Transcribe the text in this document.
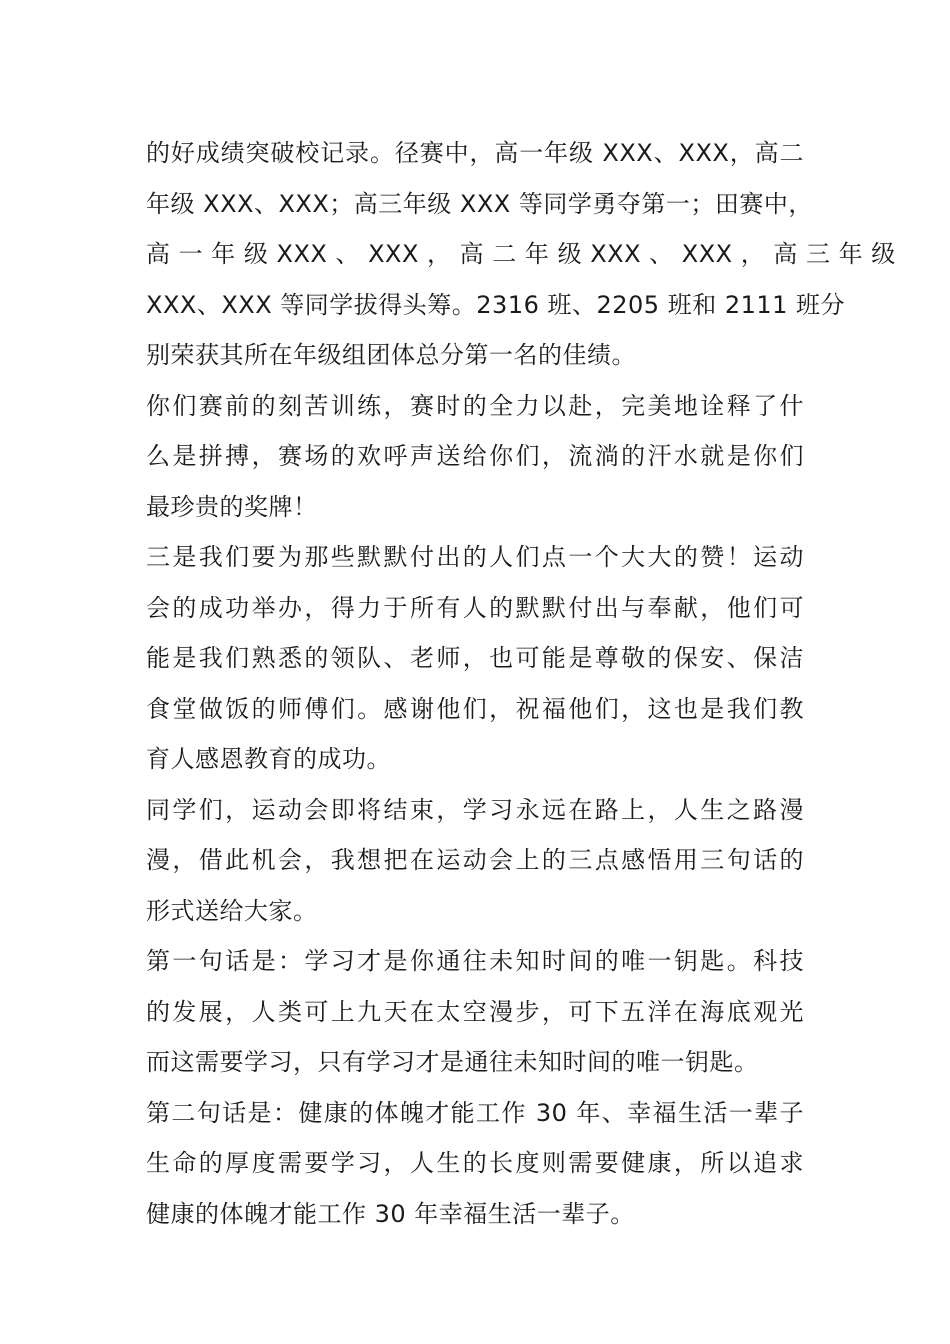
的好成绩突破校记录。径赛中，高一年级 XXX、XXX，高二
年级 XXX、XXX；高三年级 XXX 等同学勇夺第一；田赛中，
高 一 年 级 XXX 、 XXX ， 高 二 年 级 XXX 、 XXX ， 高 三 年 级
XXX、XXX 等同学拔得头筹。2316 班、2205 班和 2111 班分
别荣获其所在年级组团体总分第一名的佳绩。

你们赛前的刻苦训练，赛时的全力以赴，完美地诠释了什
么是拼搏，赛场的欢呼声送给你们，流淌的汗水就是你们
最珍贵的奖牌！

三是我们要为那些默默付出的人们点一个大大的赞！运动
会的成功举办，得力于所有人的默默付出与奉献，他们可
能是我们熟悉的领队、老师，也可能是尊敬的保安、保洁
食堂做饭的师傅们。感谢他们，祝福他们，这也是我们教
育人感恩教育的成功。

同学们，运动会即将结束，学习永远在路上，人生之路漫
漫，借此机会，我想把在运动会上的三点感悟用三句话的
形式送给大家。

第一句话是：学习才是你通往未知时间的唯一钥匙。科技
的发展，人类可上九天在太空漫步，可下五洋在海底观光
而这需要学习，只有学习才是通往未知时间的唯一钥匙。

第二句话是：健康的体魄才能工作 30 年、幸福生活一辈子
生命的厚度需要学习，人生的长度则需要健康，所以追求
健康的体魄才能工作 30 年幸福生活一辈子。
